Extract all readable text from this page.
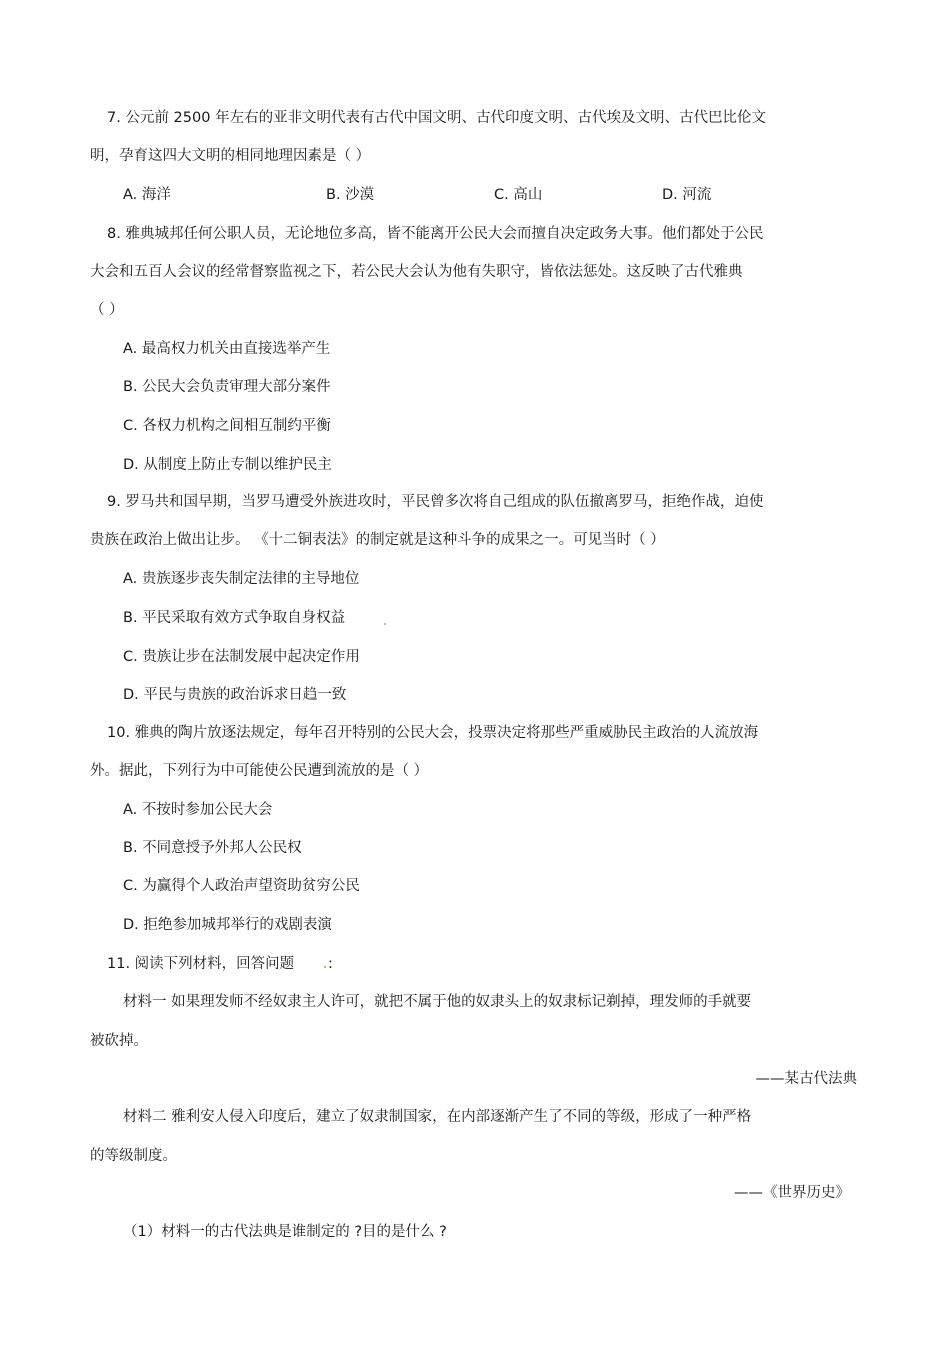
7. 公元前 2500 年左右的亚非文明代表有古代中国文明、古代印度文明、古代埃及文明、古代巴比伦文
明，孕育这四大文明的相同地理因素是（ ）
A. 海洋	B. 沙漠	C. 高山	D. 河流
8. 雅典城邦任何公职人员，无论地位多高，皆不能离开公民大会而擅自决定政务大事。他们都处于公民
大会和五百人会议的经常督察监视之下，若公民大会认为他有失职守，皆依法惩处。这反映了古代雅典
（ ）
A. 最高权力机关由直接选举产生
B. 公民大会负责审理大部分案件
C. 各权力机构之间相互制约平衡
D. 从制度上防止专制以维护民主
9. 罗马共和国早期，当罗马遭受外族进攻时，平民曾多次将自己组成的队伍撤离罗马，拒绝作战，迫使
贵族在政治上做出让步。 《十二铜表法》的制定就是这种斗争的成果之一。可见当时（ ）
A. 贵族逐步丧失制定法律的主导地位
B. 平民采取有效方式争取自身权益
C. 贵族让步在法制发展中起决定作用
D. 平民与贵族的政治诉求日趋一致
10. 雅典的陶片放逐法规定，每年召开特别的公民大会，投票决定将那些严重威胁民主政治的人流放海
外。据此，下列行为中可能使公民遭到流放的是（ ）
A. 不按时参加公民大会
B. 不同意授予外邦人公民权
C. 为赢得个人政治声望资助贫穷公民
D. 拒绝参加城邦举行的戏剧表演
11. 阅读下列材料，回答问题 :
材料一 如果理发师不经奴隶主人许可，就把不属于他的奴隶头上的奴隶标记剃掉，理发师的手就要
被砍掉。
——某古代法典
材料二 雅利安人侵入印度后，建立了奴隶制国家，在内部逐渐产生了不同的等级，形成了一种严格
的等级制度。
——《世界历史》
（1）材料一的古代法典是谁制定的 ?目的是什么 ?
